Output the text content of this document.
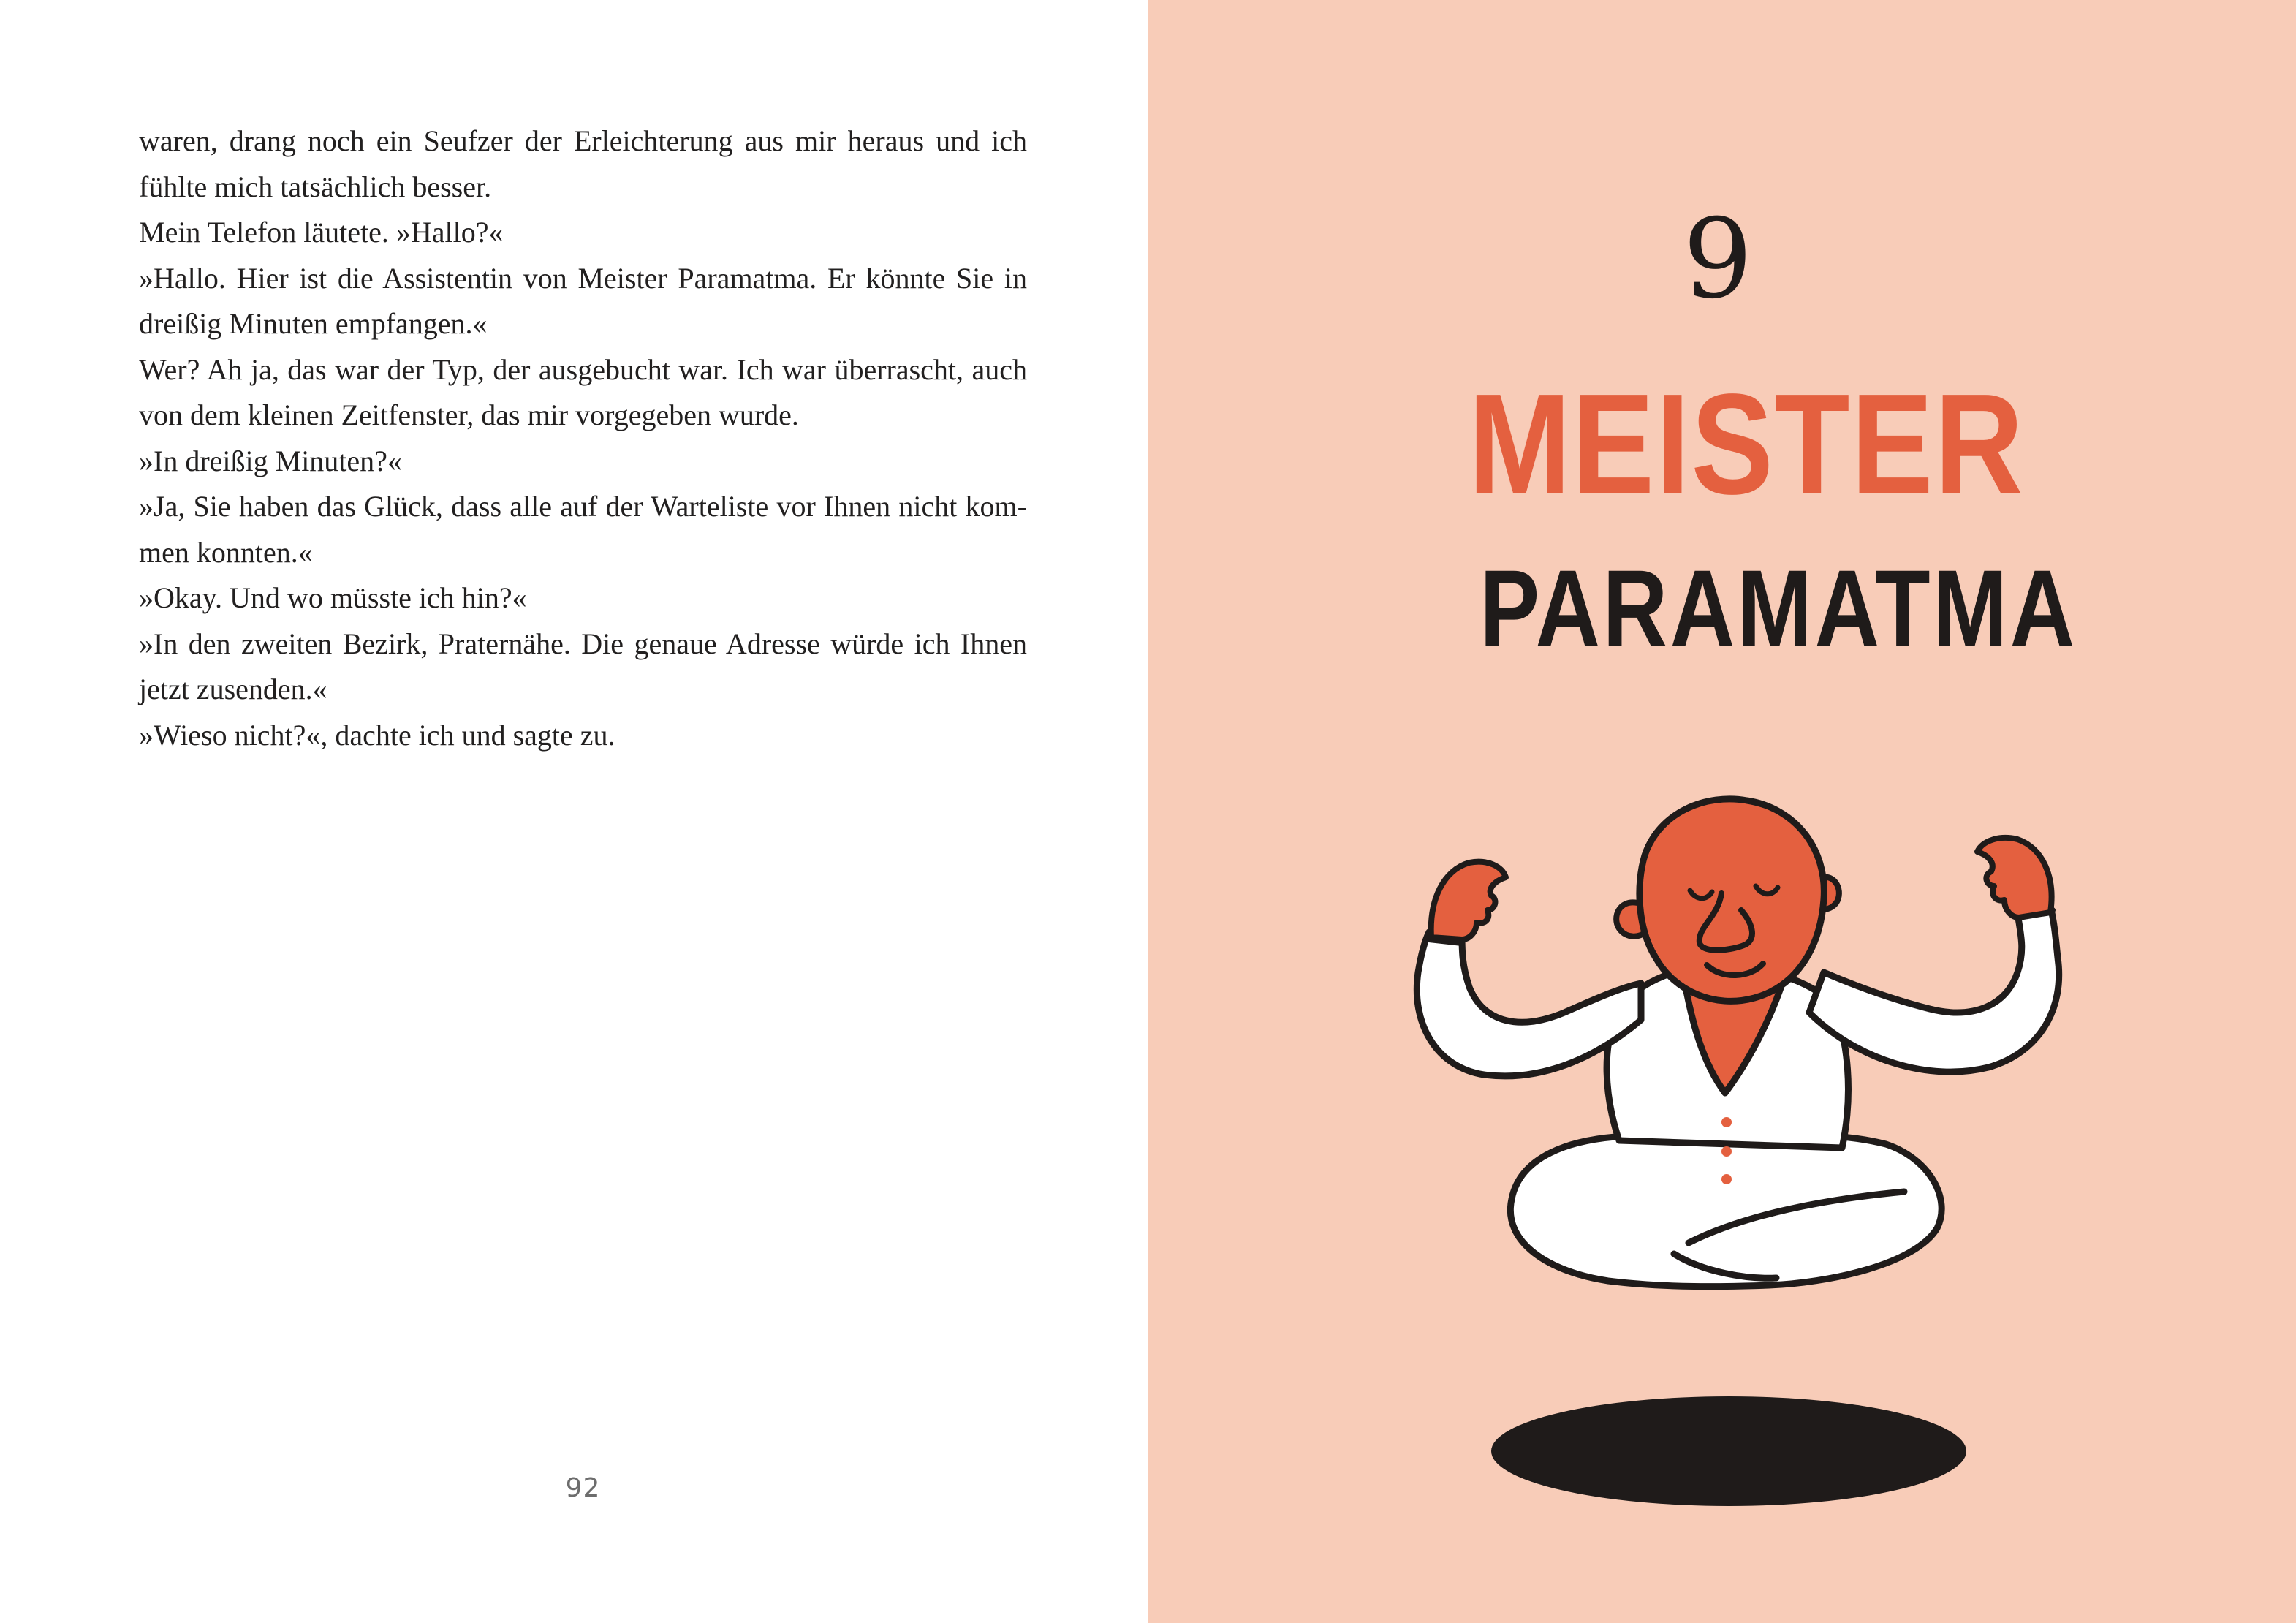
waren, drang noch ein Seufzer der Erleichterung aus mir heraus und ich
fühlte mich tatsächlich besser.
Mein Telefon läutete. »Hallo?«
»Hallo. Hier ist die Assistentin von Meister Paramatma. Er könnte Sie in
dreißig Minuten empfangen.«
Wer? Ah ja, das war der Typ, der ausgebucht war. Ich war überrascht, auch
von dem kleinen Zeitfenster, das mir vorgegeben wurde.
»In dreißig Minuten?«
»Ja, Sie haben das Glück, dass alle auf der Warteliste vor Ihnen nicht kom-
men konnten.«
»Okay. Und wo müsste ich hin?«
»In den zweiten Bezirk, Praternähe. Die genaue Adresse würde ich Ihnen
jetzt zusenden.«
»Wieso nicht?«, dachte ich und sagte zu.
92
9
MEISTER
PARAMATMA
